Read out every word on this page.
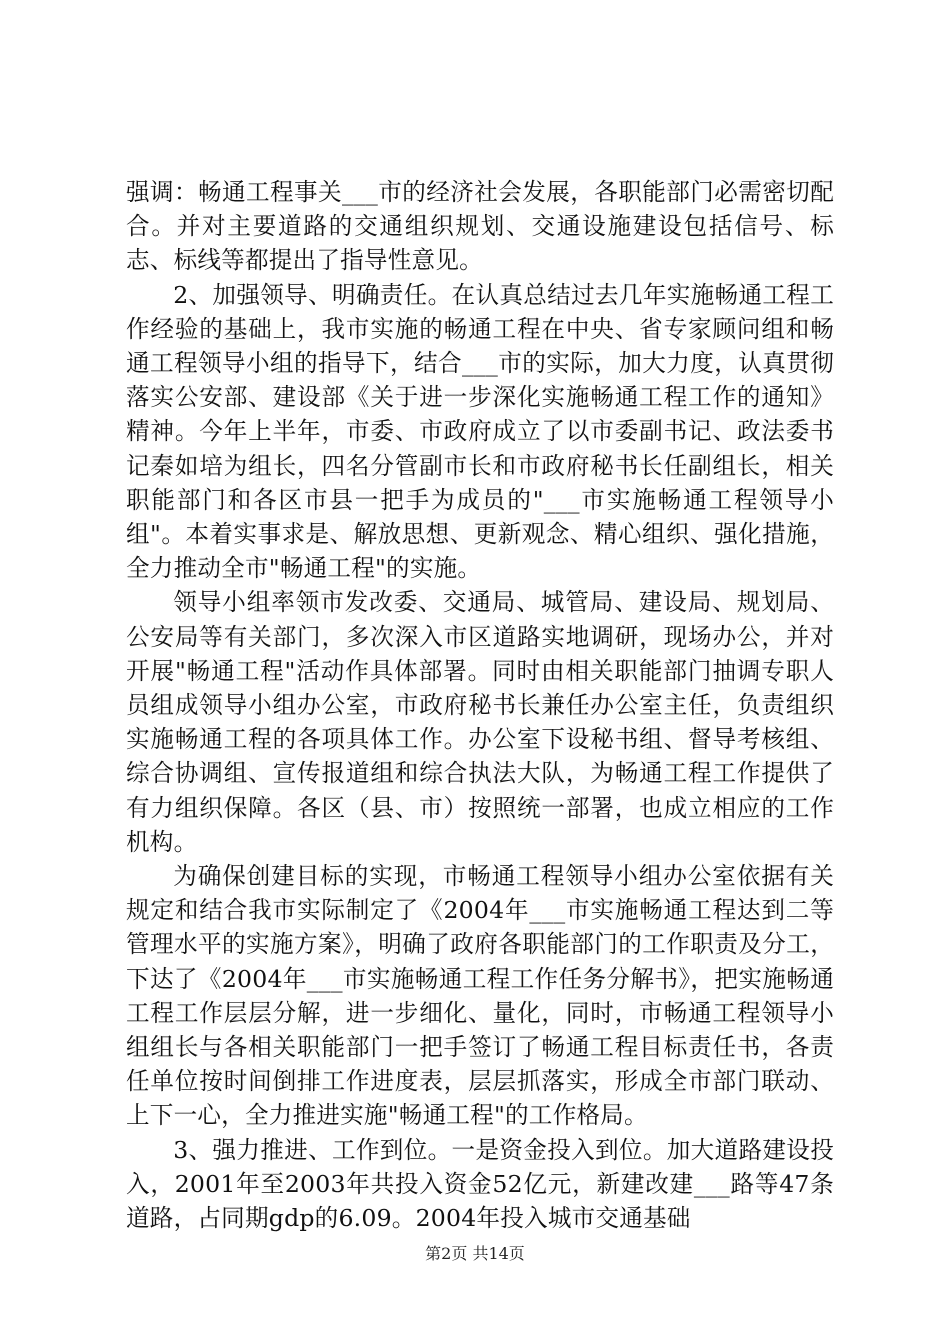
强调：畅通工程事关___市的经济社会发展，各职能部门必需密切配合。并对主要道路的交通组织规划、交通设施建设包括信号、标志、标线等都提出了指导性意见。

2、加强领导、明确责任。在认真总结过去几年实施畅通工程工作经验的基础上，我市实施的畅通工程在中央、省专家顾问组和畅通工程领导小组的指导下，结合___市的实际，加大力度，认真贯彻落实公安部、建设部《关于进一步深化实施畅通工程工作的通知》精神。今年上半年，市委、市政府成立了以市委副书记、政法委书记秦如培为组长，四名分管副市长和市政府秘书长任副组长，相关职能部门和各区市县一把手为成员的"___市实施畅通工程领导小组"。本着实事求是、解放思想、更新观念、精心组织、强化措施，全力推动全市"畅通工程"的实施。

领导小组率领市发改委、交通局、城管局、建设局、规划局、公安局等有关部门，多次深入市区道路实地调研，现场办公，并对开展"畅通工程"活动作具体部署。同时由相关职能部门抽调专职人员组成领导小组办公室，市政府秘书长兼任办公室主任，负责组织实施畅通工程的各项具体工作。办公室下设秘书组、督导考核组、综合协调组、宣传报道组和综合执法大队，为畅通工程工作提供了有力组织保障。各区（县、市）按照统一部署，也成立相应的工作机构。

为确保创建目标的实现，市畅通工程领导小组办公室依据有关规定和结合我市实际制定了《2004年___市实施畅通工程达到二等管理水平的实施方案》，明确了政府各职能部门的工作职责及分工，下达了《2004年___市实施畅通工程工作任务分解书》，把实施畅通工程工作层层分解，进一步细化、量化，同时，市畅通工程领导小组组长与各相关职能部门一把手签订了畅通工程目标责任书，各责任单位按时间倒排工作进度表，层层抓落实，形成全市部门联动、上下一心，全力推进实施"畅通工程"的工作格局。

3、强力推进、工作到位。一是资金投入到位。加大道路建设投入，2001年至2003年共投入资金52亿元，新建改建___路等47条道路，占同期gdp的6.09。2004年投入城市交通基础

第2页 共14页
